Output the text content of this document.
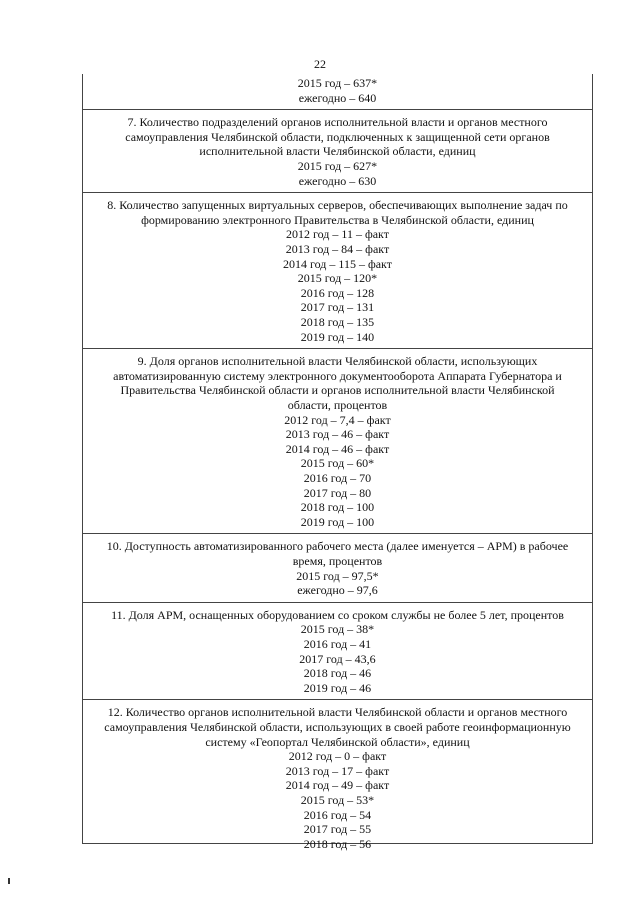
22
2015 год – 637*
ежегодно – 640
7. Количество подразделений органов исполнительной власти и органов местного
самоуправления Челябинской области, подключенных к защищенной сети органов
исполнительной власти Челябинской области, единиц
2015 год – 627*
ежегодно – 630
8. Количество запущенных виртуальных серверов, обеспечивающих выполнение задач по
формированию электронного Правительства в Челябинской области, единиц
2012 год – 11 – факт
2013 год – 84 – факт
2014 год – 115 – факт
2015 год – 120*
2016 год – 128
2017 год – 131
2018 год – 135
2019 год – 140
9. Доля органов исполнительной власти Челябинской области, использующих
автоматизированную систему электронного документооборота Аппарата Губернатора и
Правительства Челябинской области и органов исполнительной власти Челябинской
области, процентов
2012 год – 7,4 – факт
2013 год – 46 – факт
2014 год – 46 – факт
2015 год – 60*
2016 год – 70
2017 год – 80
2018 год – 100
2019 год – 100
10. Доступность автоматизированного рабочего места (далее именуется – АРМ) в рабочее
время, процентов
2015 год – 97,5*
ежегодно – 97,6
11. Доля АРМ, оснащенных оборудованием со сроком службы не более 5 лет, процентов
2015 год – 38*
2016 год – 41
2017 год – 43,6
2018 год – 46
2019 год – 46
12. Количество органов исполнительной власти Челябинской области и органов местного
самоуправления Челябинской области, использующих в своей работе геоинформационную
систему «Геопортал Челябинской области», единиц
2012 год – 0 – факт
2013 год – 17 – факт
2014 год – 49 – факт
2015 год – 53*
2016 год – 54
2017 год – 55
2018 год – 56
